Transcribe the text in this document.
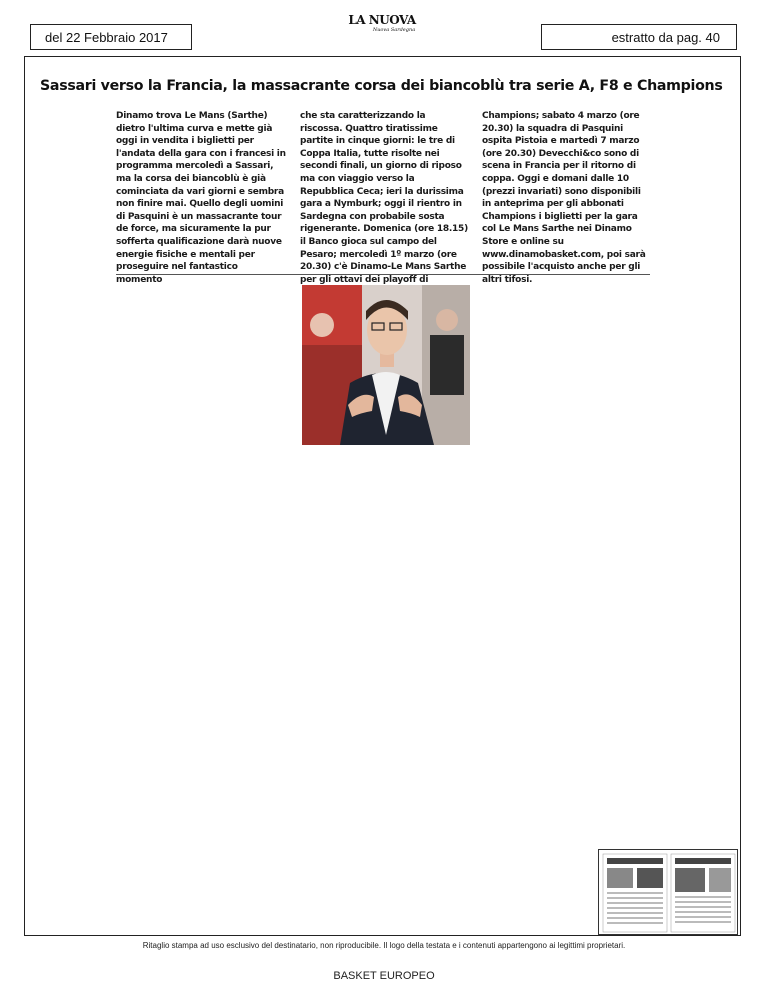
del 22 Febbraio 2017
LA NUOVA
Nuova Sardegna	estratto da pag. 40
Sassari verso la Francia, la massacrante corsa dei biancoblù tra serie A, F8 e Champions
Dinamo trova Le Mans (Sarthe) dietro l'ultima curva e mette già oggi in vendita i biglietti per l'andata della gara con i francesi in programma mercoledì a Sassari, ma la corsa dei biancoblù è già cominciata da vari giorni e sembra non finire mai. Quello degli uomini di Pasquini è un massacrante tour de force, ma sicuramente la pur sofferta qualificazione darà nuove energie fisiche e mentali per proseguire nel fantastico momento
che sta caratterizzando la riscossa. Quattro tiratissime partite in cinque giorni: le tre di Coppa Italia, tutte risolte nei secondi finali, un giorno di riposo ma con viaggio verso la Repubblica Ceca; ieri la durissima gara a Nymburk; oggi il rientro in Sardegna con probabile sosta rigenerante. Domenica (ore 18.15) il Banco gioca sul campo del Pesaro; mercoledì 1º marzo (ore 20.30) c'è Dinamo-Le Mans Sarthe per gli ottavi dei playoff di
Champions; sabato 4 marzo (ore 20.30) la squadra di Pasquini ospita Pistoia e martedì 7 marzo (ore 20.30) Devecchi&co sono di scena in Francia per il ritorno di coppa. Oggi e domani dalle 10 (prezzi invariati) sono disponibili in anteprima per gli abbonati Champions i biglietti per la gara col Le Mans Sarthe nei Dinamo Store e online su www.dinamobasket.com, poi sarà possibile l'acquisto anche per gli altri tifosi.
Ritaglio stampa ad uso esclusivo del destinatario, non riproducibile. Il logo della testata e i contenuti appartengono ai legittimi proprietari.
BASKET EUROPEO
